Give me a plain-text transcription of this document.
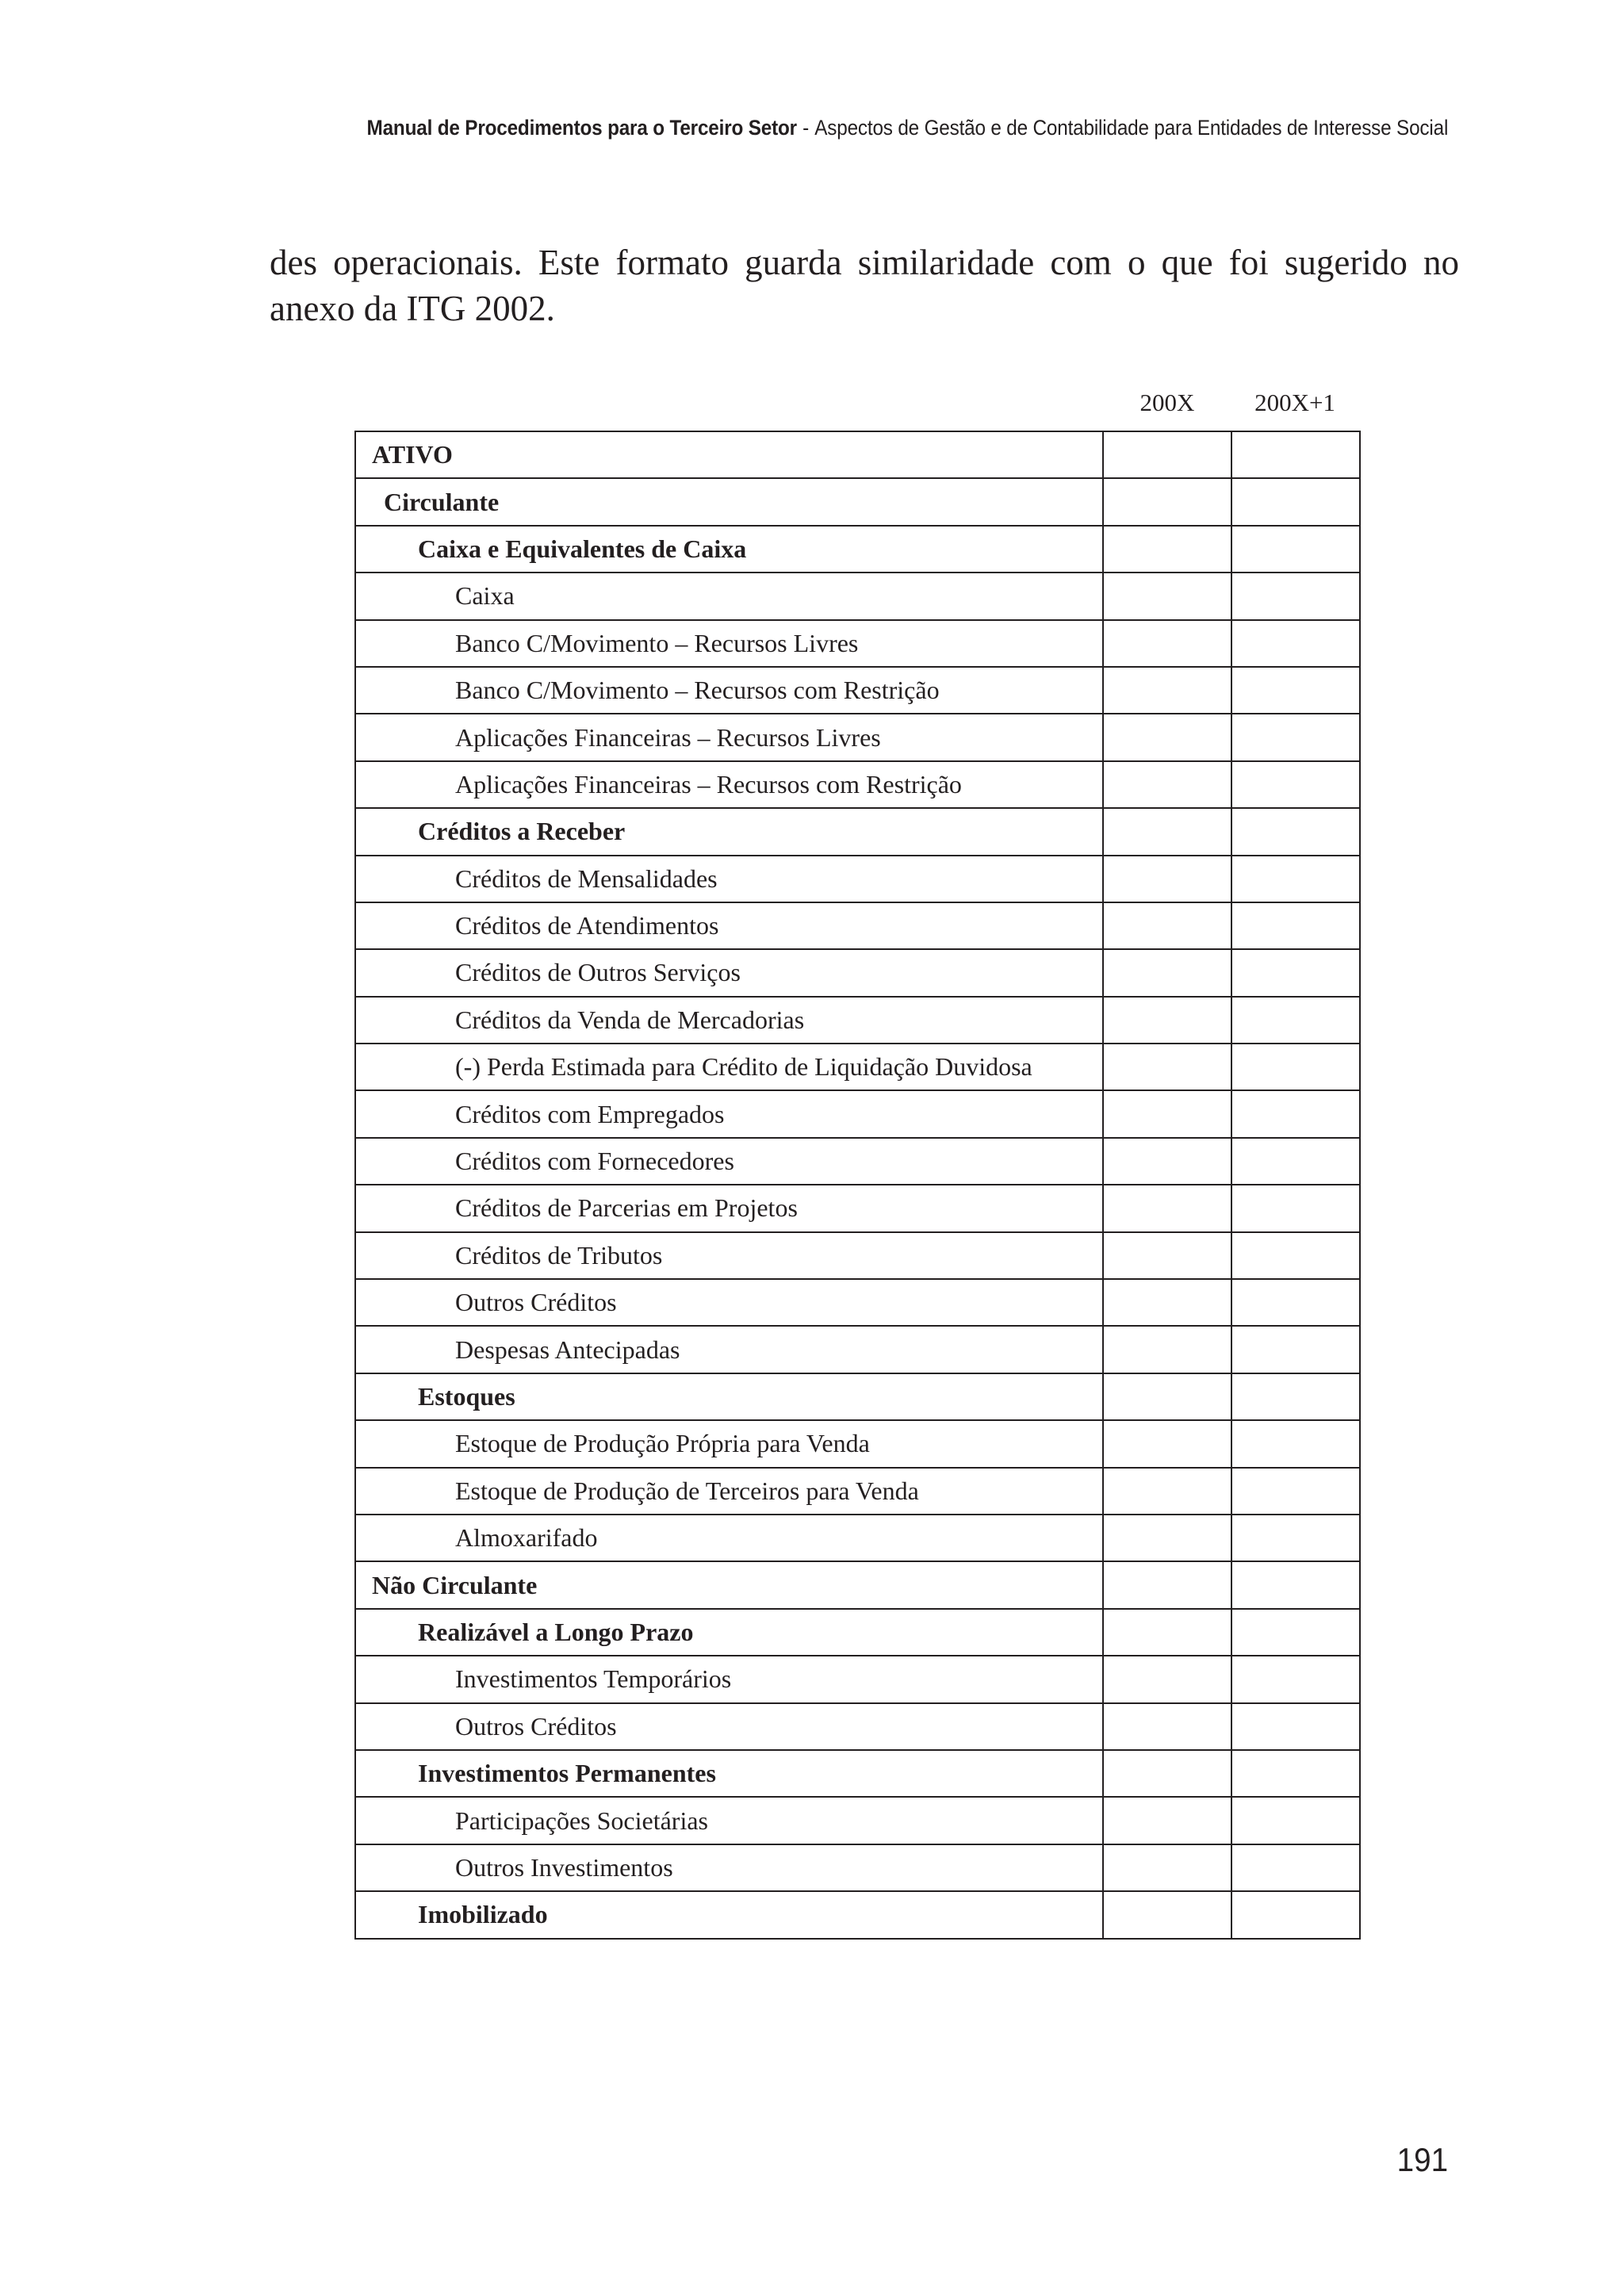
Manual de Procedimentos para o Terceiro Setor - Aspectos de Gestão e de Contabilidade para Entidades de Interesse Social

des operacionais. Este formato guarda similaridade com o que foi sugerido no anexo da ITG 2002.

200X	200X+1
ATIVO		
Circulante		
Caixa e Equivalentes de Caixa		
Caixa		
Banco C/Movimento – Recursos Livres		
Banco C/Movimento – Recursos com Restrição		
Aplicações Financeiras – Recursos Livres		
Aplicações Financeiras – Recursos com Restrição		
Créditos a Receber		
Créditos de Mensalidades		
Créditos de Atendimentos		
Créditos de Outros Serviços		
Créditos da Venda de Mercadorias		
(-) Perda Estimada para Crédito de Liquidação Duvidosa		
Créditos com Empregados		
Créditos com Fornecedores		
Créditos de Parcerias em Projetos		
Créditos de Tributos		
Outros Créditos		
Despesas Antecipadas		
Estoques		
Estoque de Produção Própria para Venda		
Estoque de Produção de Terceiros para Venda		
Almoxarifado		
Não Circulante		
Realizável a Longo Prazo		
Investimentos Temporários		
Outros Créditos		
Investimentos Permanentes		
Participações Societárias		
Outros Investimentos		
Imobilizado		
191
